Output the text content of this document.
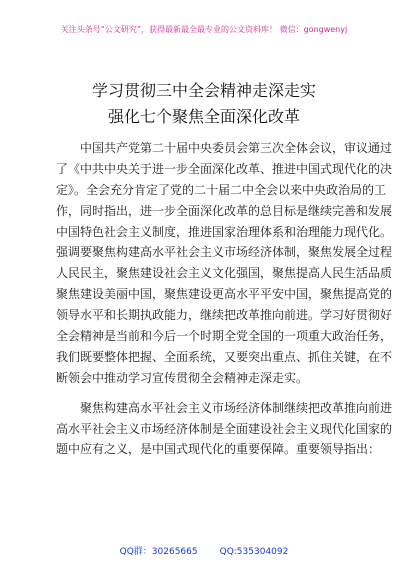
关注头条号“公文研究”，获得最新最全最专业的公文资料库！ 微信：gongwenyj
学习贯彻三中全会精神走深走实
强化七个聚焦全面深化改革
中国共产党第二十届中央委员会第三次全体会议，审议通过
了《中共中央关于进一步全面深化改革、推进中国式现代化的决
定》。全会充分肯定了党的二十届二中全会以来中央政治局的工
作，同时指出，进一步全面深化改革的总目标是继续完善和发展
中国特色社会主义制度，推进国家治理体系和治理能力现代化。
强调要聚焦构建高水平社会主义市场经济体制，聚焦发展全过程
人民民主，聚焦建设社会主义文化强国，聚焦提高人民生活品质
聚焦建设美丽中国，聚焦建设更高水平平安中国，聚焦提高党的
领导水平和长期执政能力，继续把改革推向前进。学习好贯彻好
全会精神是当前和今后一个时期全党全国的一项重大政治任务，
我们既要整体把握、全面系统，又要突出重点、抓住关键，在不
断领会中推动学习宣传贯彻全会精神走深走实。
聚焦构建高水平社会主义市场经济体制继续把改革推向前进
高水平社会主义市场经济体制是全面建设社会主义现代化国家的
题中应有之义，是中国式现代化的重要保障。重要领导指出：
QQ群：30265665 QQ:535304092
